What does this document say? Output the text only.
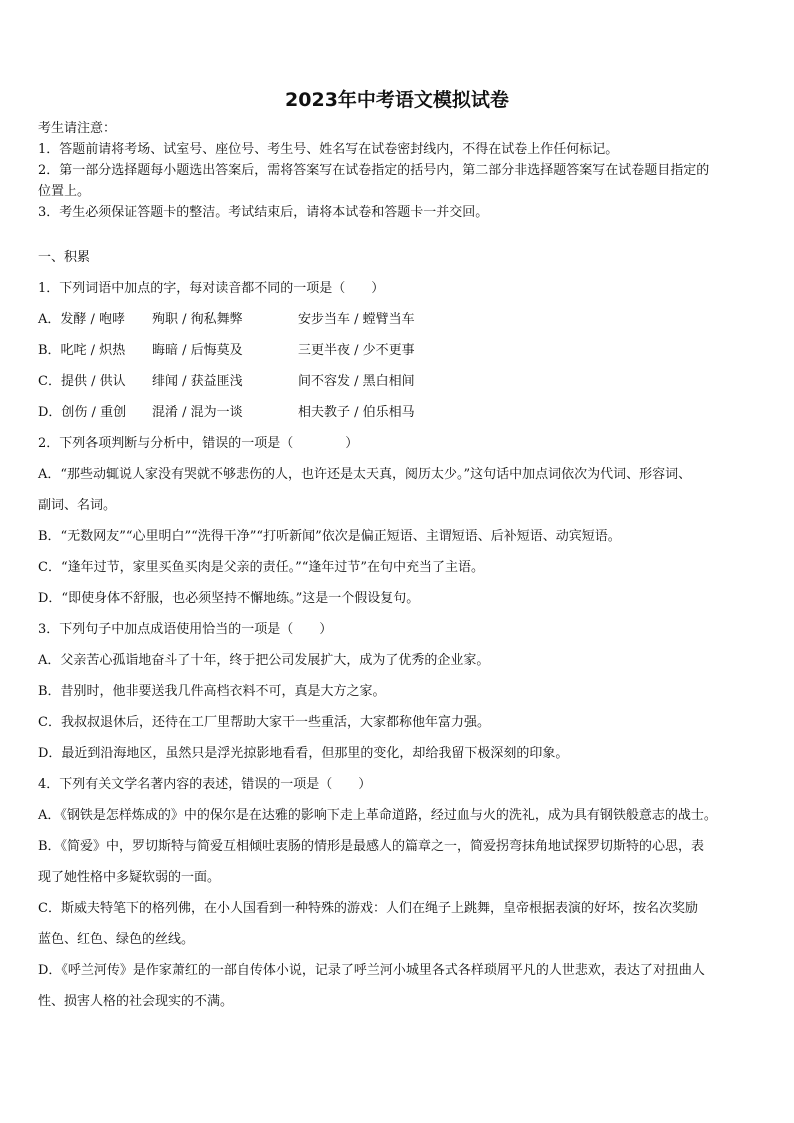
2023年中考语文模拟试卷
考生请注意：
1．答题前请将考场、试室号、座位号、考生号、姓名写在试卷密封线内，不得在试卷上作任何标记。
2．第一部分选择题每小题选出答案后，需将答案写在试卷指定的括号内，第二部分非选择题答案写在试卷题目指定的
位置上。
3．考生必须保证答题卡的整洁。考试结束后，请将本试卷和答题卡一并交回。
一、积累
1．下列词语中加点的字，每对读音都不同的一项是（　　）
A．发酵 / 咆哮 殉职 / 徇私舞弊	安步当车 / 螳臂当车
B．叱咤 / 炽热 晦暗 / 后悔莫及	三更半夜 / 少不更事
C．提供 / 供认 绯闻 / 获益匪浅	间不容发 / 黑白相间
D．创伤 / 重创 混淆 / 混为一谈	相夫教子 / 伯乐相马
2．下列各项判断与分析中，错误的一项是（　　　　）
A．“那些动辄说人家没有哭就不够悲伤的人，也许还是太天真，阅历太少。”这句话中加点词依次为代词、形容词、
副词、名词。
B．“无数网友”“心里明白”“洗得干净”“打听新闻”依次是偏正短语、主谓短语、后补短语、动宾短语。
C．“逢年过节，家里买鱼买肉是父亲的责任。”“逢年过节”在句中充当了主语。
D．“即使身体不舒服，也必须坚持不懈地练。”这是一个假设复句。
3．下列句子中加点成语使用恰当的一项是（　　）
A．父亲苦心孤诣地奋斗了十年，终于把公司发展扩大，成为了优秀的企业家。
B．昔别时，他非要送我几件高档衣料不可，真是大方之家。
C．我叔叔退休后，还待在工厂里帮助大家干一些重活，大家都称他年富力强。
D．最近到沿海地区，虽然只是浮光掠影地看看，但那里的变化，却给我留下极深刻的印象。
4．下列有关文学名著内容的表述，错误的一项是（　　）
A．《钢铁是怎样炼成的》中的保尔是在达雅的影响下走上革命道路，经过血与火的洗礼，成为具有钢铁般意志的战士。
B．《简爱》中，罗切斯特与简爱互相倾吐衷肠的情形是最感人的篇章之一，简爱拐弯抹角地试探罗切斯特的心思，表
现了她性格中多疑软弱的一面。
C．斯威夫特笔下的格列佛，在小人国看到一种特殊的游戏：人们在绳子上跳舞，皇帝根据表演的好坏，按名次奖励
蓝色、红色、绿色的丝线。
D．《呼兰河传》是作家萧红的一部自传体小说，记录了呼兰河小城里各式各样琐屑平凡的人世悲欢，表达了对扭曲人
性、损害人格的社会现实的不满。
